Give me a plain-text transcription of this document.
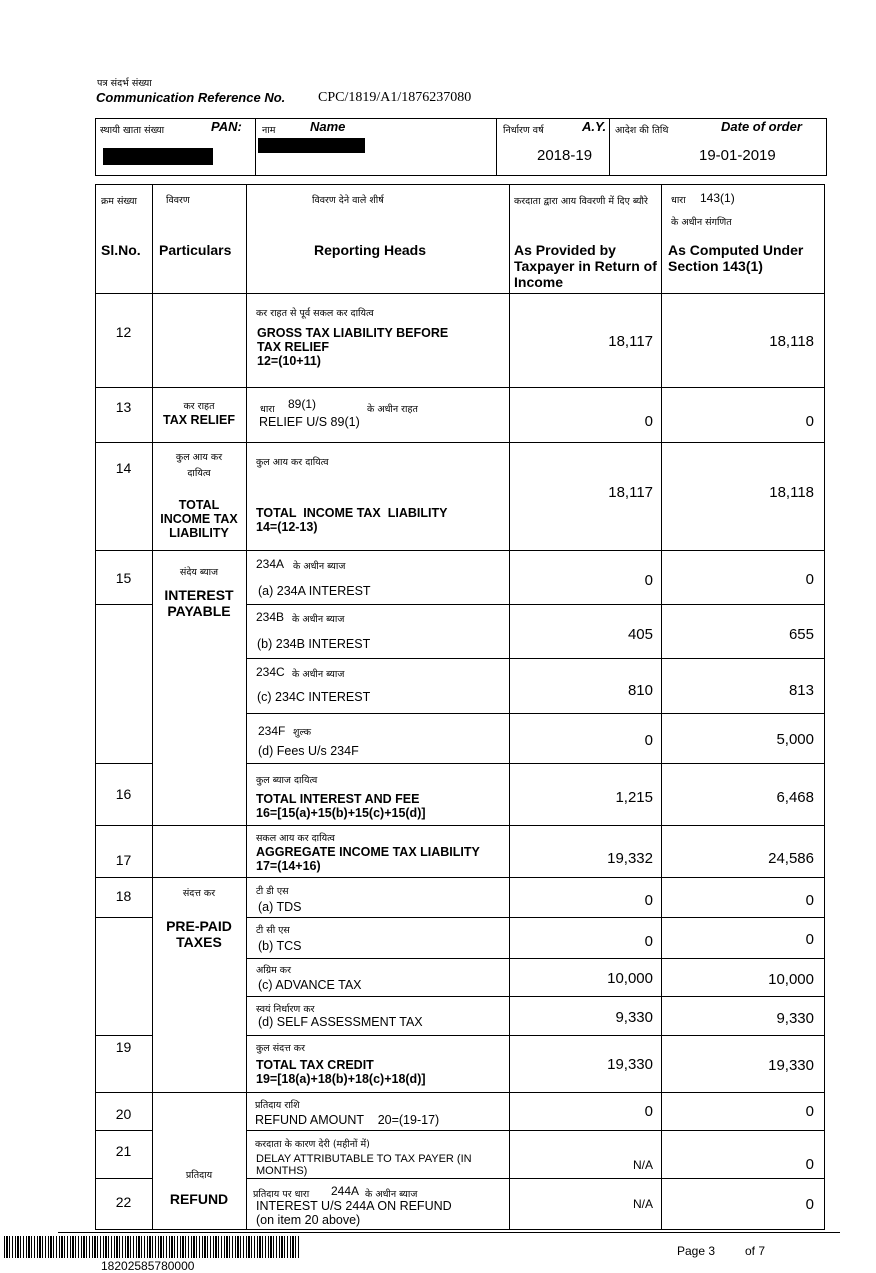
पत्र संदर्भ संख्या
Communication Reference No. CPC/1819/A1/1876237080
स्थायी खाता संख्या	PAN: नाम	Name	निर्धारण वर्ष	A.Y.
2018-19
आदेश की तिथि	Date of order
19-01-2019
क्रम संख्या
Sl.No.
विवरण
Particulars
विवरण देने वाले शीर्ष
Reporting Heads
करदाता द्वारा आय विवरणी में दिए ब्यौरे
As Provided by Taxpayer in Return of Income
धारा 143(1)
के अधीन संगणित
As Computed Under Section 143(1)
12
कर राहत से पूर्व सकल कर दायित्व
GROSS TAX LIABILITY BEFORE
TAX RELIEF
12=(10+11)
18,117	18,118
13	कर राहत
TAX RELIEF
धारा 89(1)	के अधीन राहत
RELIEF U/S 89(1)	0	0
14
कुल आय कर
दायित्व
TOTAL
INCOME TAX
LIABILITY
कुल आय कर दायित्व

TOTAL  INCOME TAX  LIABILITY
14=(12-13)

18,117	18,118
15	संदेय ब्याज
INTEREST
PAYABLE
234A के अधीन ब्याज
(a) 234A INTEREST
0	0
234B के अधीन ब्याज
(b) 234B INTEREST
405	655
234C के अधीन ब्याज
(c) 234C INTEREST	810	813
234F शुल्क
(d) Fees U/s 234F
0	5,000
16
कुल ब्याज दायित्व
TOTAL INTEREST AND FEE
16=[15(a)+15(b)+15(c)+15(d)]
1,215	6,468
17
सकल आय कर दायित्व
AGGREGATE INCOME TAX LIABILITY
17=(14+16)	19,332	24,586
18	संदत्त कर
PRE-PAID
TAXES
टी डी एस
(a) TDS	0	0
टी सी एस
(b) TCS	0	0
अग्रिम कर
(c) ADVANCE TAX	10,000	10,000
स्वयं निर्धारण कर
(d) SELF ASSESSMENT TAX	9,330	9,330
19	कुल संदत्त कर
TOTAL TAX CREDIT
19=[18(a)+18(b)+18(c)+18(d)]
19,330	19,330
20
प्रतिदाय राशि
REFUND AMOUNT    20=(19-17)	0	0
21	करदाता के कारण देरी (महीनों में)
DELAY ATTRIBUTABLE TO TAX PAYER (IN
MONTHS)	N/A	0
प्रतिदाय
REFUND
22	प्रतिदाय पर धारा 244A के अधीन ब्याज
INTEREST U/S 244A ON REFUND
(on item 20 above)
N/A	0
18202585780000
Page 3 of 7
